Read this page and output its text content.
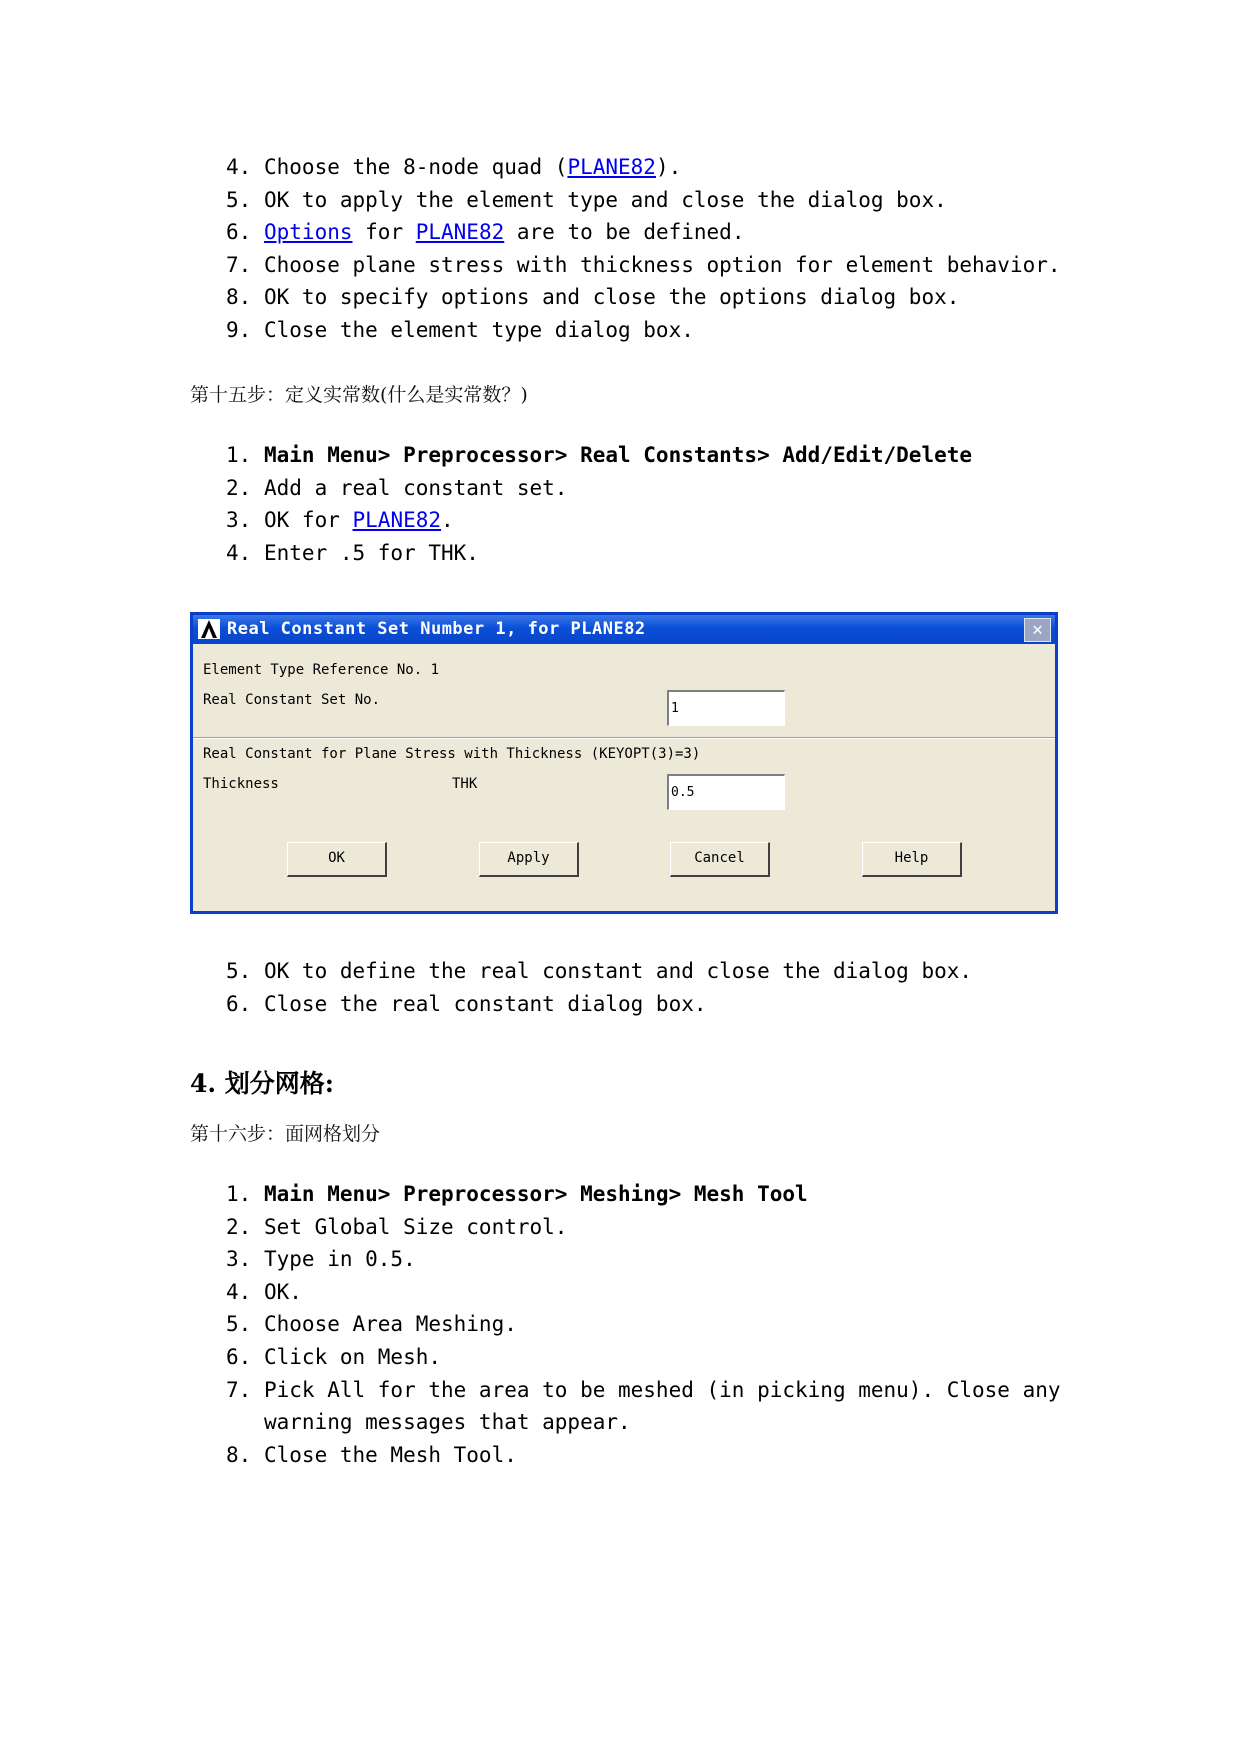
4. Choose the 8-node quad (PLANE82).
5. OK to apply the element type and close the dialog box.
6. Options for PLANE82 are to be defined.
7. Choose plane stress with thickness option for element behavior.
8. OK to specify options and close the options dialog box.
9. Close the element type dialog box.
第十五步：定义实常数(什么是实常数？)
1. Main Menu> Preprocessor> Real Constants> Add/Edit/Delete
2. Add a real constant set.
3. OK for PLANE82.
4. Enter .5 for THK.
Real Constant Set Number 1, for PLANE82	✕
Element Type Reference No. 1
Real Constant Set No.
1
Real Constant for Plane Stress with Thickness (KEYOPT(3)=3)
Thickness	THK
0.5
OK	Apply	Cancel	Help
5. OK to define the real constant and close the dialog box.
6. Close the real constant dialog box.
4. 划分网格:
第十六步：面网格划分
1. Main Menu> Preprocessor> Meshing> Mesh Tool
2. Set Global Size control.
3. Type in 0.5.
4. OK.
5. Choose Area Meshing.
6. Click on Mesh.
7. Pick All for the area to be meshed (in picking menu). Close any
warning messages that appear.
8. Close the Mesh Tool.
